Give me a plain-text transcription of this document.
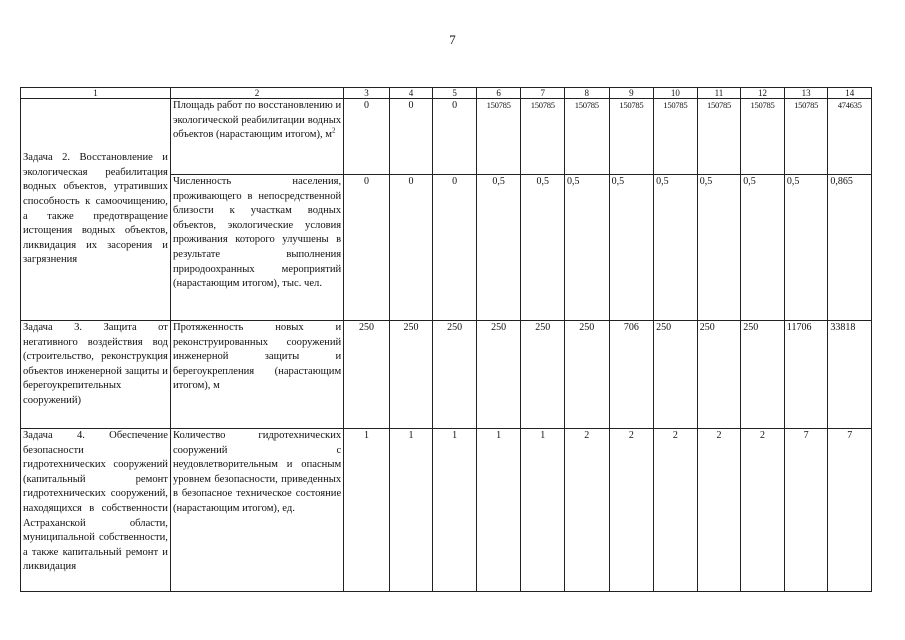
7
1	2	3	4	5	6	7	8	9	10	11	12	13	14

Задача 2. Восстановление и экологическая реабилитация водных объектов, утративших способность к самоочищению, а также предотвращение истощения водных объектов, ликвидация их засорения и загрязнения	Площадь работ по восстановлению и экологической реабилитации водных объектов (нарастающим итогом), $м^2$	0	0	0	150785	150785	150785	150785	150785	150785	150785	150785	474635
	Численность населения, проживающего в непосредственной близости к участкам водных объектов, экологические условия проживания которого улучшены в результате выполнения природоохранных мероприятий (нарастающим итогом), тыс. чел.	0	0	0	0,5	0,5	0,5	0,5	0,5	0,5	0,5	0,5	0,865
Задача 3. Защита от негативного воздействия вод (строительство, реконструкция объектов инженерной защиты и берегоукрепительных сооружений)	Протяженность новых и реконструированных сооружений инженерной защиты и берегоукрепления (нарастающим итогом), м	250	250	250	250	250	250	706	250	250	250	11706	33818
Задача 4. Обеспечение безопасности гидротехнических сооружений (капитальный ремонт гидротехнических сооружений, находящихся в собственности Астраханской области, муниципальной собственности, а также капитальный ремонт и ликвидация	Количество гидротехнических сооружений с неудовлетворительным и опасным уровнем безопасности, приведенных в безопасное техническое состояние (нарастающим итогом), ед.	1	1	1	1	1	2	2	2	2	2	7	7
